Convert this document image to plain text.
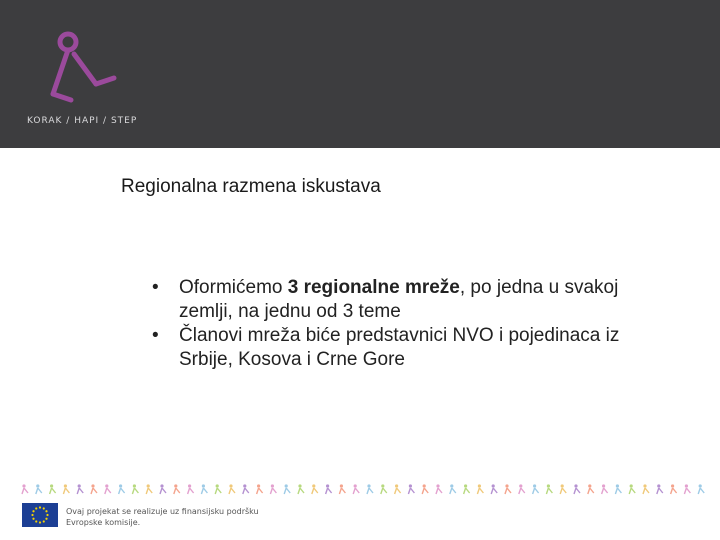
KORAK / HAPI / STEP
Regionalna razmena iskustava
• Oformićemo 3 regionalne mreže, po jedna u svakoj zemlji, na jednu od 3 teme
• Članovi mreža biće predstavnici NVO i pojedinaca iz Srbije, Kosova i Crne Gore
Ovaj projekat se realizuje uz finansijsku podršku
Evropske komisije.
